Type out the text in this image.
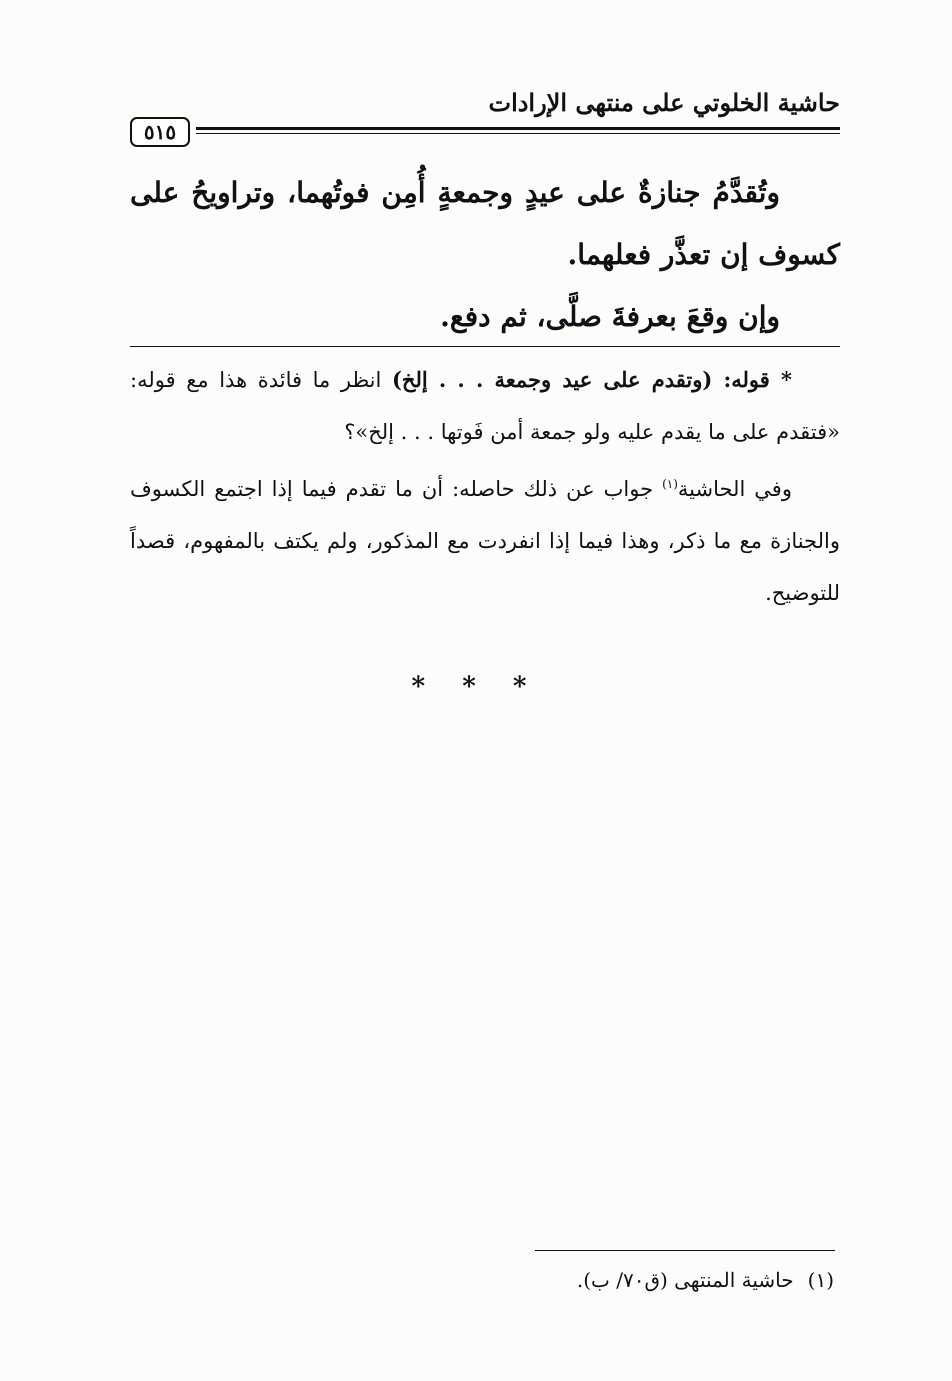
حاشية الخلوتي على منتهى الإرادات
٥١٥

وتُقدَّمُ جنازةٌ على عيدٍ وجمعةٍ أُمِن فوتُهما، وتراويحُ على كسوف إن تعذَّر فعلهما.

وإن وقعَ بعرفةَ صلَّى، ثم دفع.

* قوله: (وتقدم على عيد وجمعة . . . إلخ) انظر ما فائدة هذا مع قوله: «فتقدم على ما يقدم عليه ولو جمعة أمن فَوتها . . . إلخ»؟

وفي الحاشية$^{(١)}$ جواب عن ذلك حاصله: أن ما تقدم فيما إذا اجتمع الكسوف والجنازة مع ما ذكر، وهذا فيما إذا انفردت مع المذكور، ولم يكتف بالمفهوم، قصداً للتوضيح.

* * *
(١)حاشية المنتهى (ق٧٠/ ب).
